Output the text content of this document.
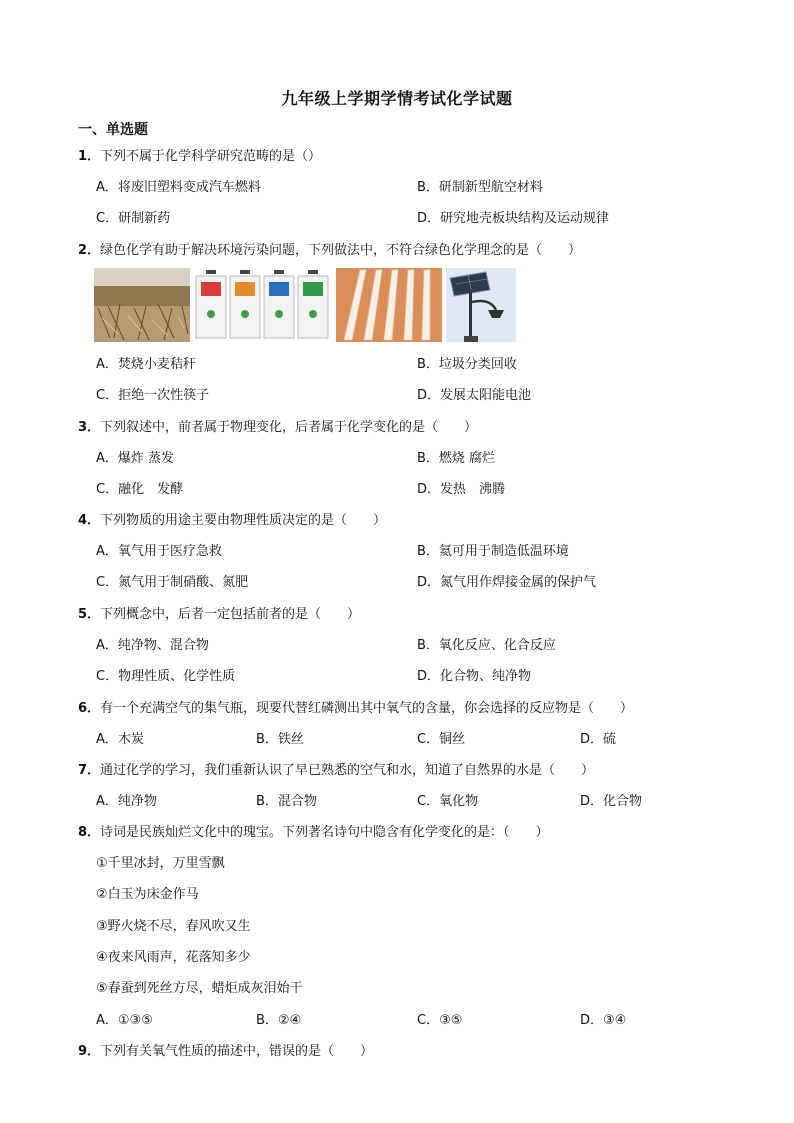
九年级上学期学情考试化学试题
一、单选题
1．下列不属于化学科学研究范畴的是（）
A．将废旧塑料变成汽车燃料	B．研制新型航空材料
C．研制新药	D．研究地壳板块结构及运动规律
2．绿色化学有助于解决环境污染问题，下列做法中，不符合绿色化学理念的是（　　）
A．焚烧小麦秸秆	B．垃圾分类回收
C．拒绝一次性筷子	D．发展太阳能电池
3．下列叙述中，前者属于物理变化，后者属于化学变化的是（　　）
A．爆炸 蒸发	B．燃烧 腐烂
C．融化　发酵	D．发热　沸腾
4．下列物质的用途主要由物理性质决定的是（　　）
A．氧气用于医疗急救	B．氦可用于制造低温环境
C．氮气用于制硝酸、氮肥	D．氮气用作焊接金属的保护气
5．下列概念中，后者一定包括前者的是（　　）
A．纯净物、混合物	B．氧化反应、化合反应
C．物理性质、化学性质	D．化合物、纯净物
6．有一个充满空气的集气瓶，现要代替红磷测出其中氧气的含量，你会选择的反应物是（　　）
A．木炭	B．铁丝	C．铜丝	D．硫
7．通过化学的学习，我们重新认识了早已熟悉的空气和水，知道了自然界的水是（　　）
A．纯净物	B．混合物	C．氧化物	D．化合物
8．诗词是民族灿烂文化中的瑰宝。下列著名诗句中隐含有化学变化的是：（　　）
①千里冰封，万里雪飘
②白玉为床金作马
③野火烧不尽，春风吹又生
④夜来风雨声，花落知多少
⑤春蚕到死丝方尽，蜡炬成灰泪始干
A．①③⑤	B．②④	C．③⑤	D．③④
9．下列有关氧气性质的描述中，错误的是（　　）
